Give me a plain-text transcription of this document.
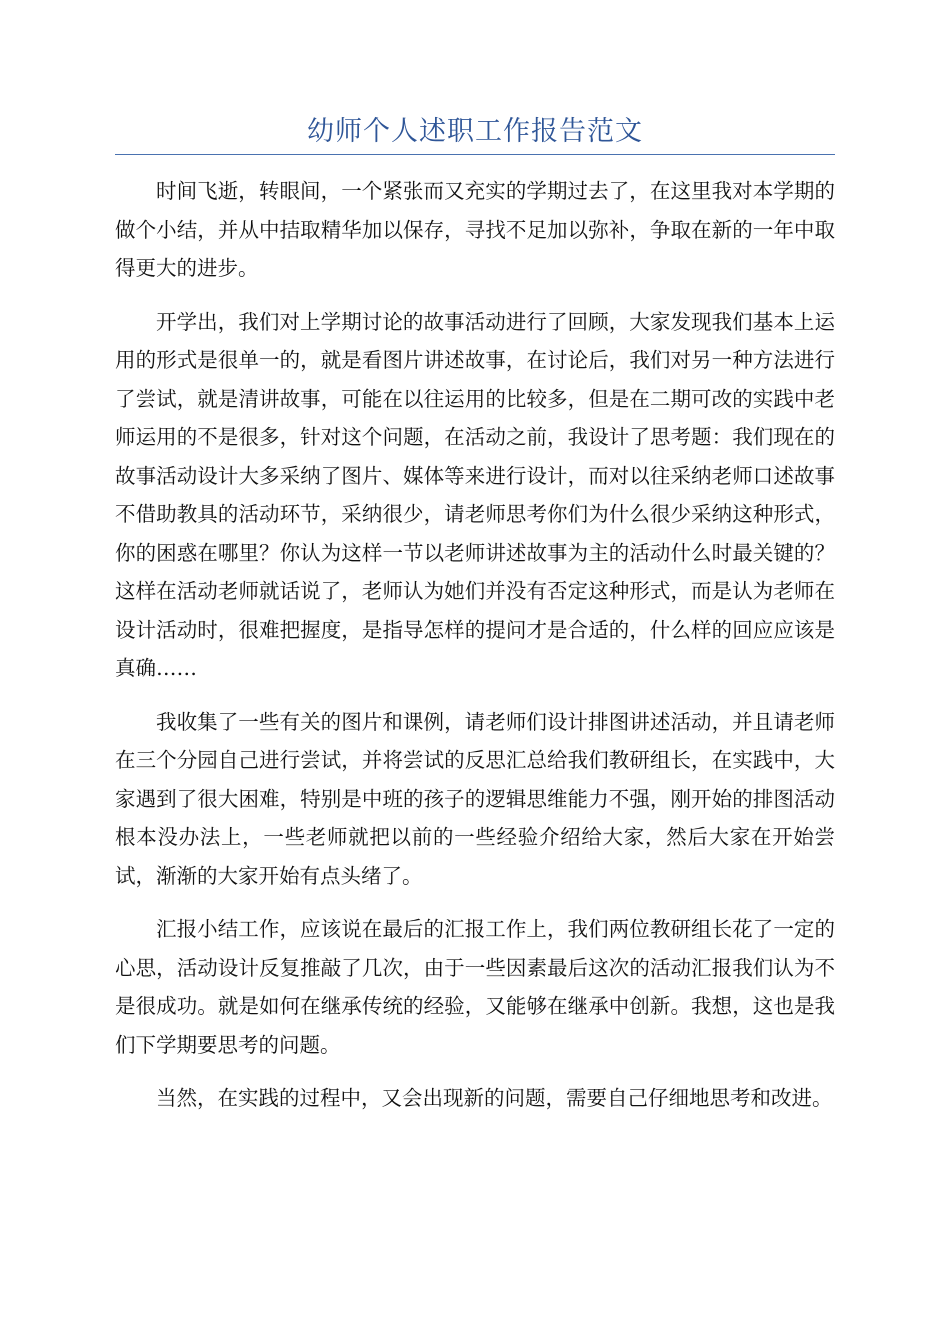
幼师个人述职工作报告范文

时间飞逝，转眼间，一个紧张而又充实的学期过去了，在这里我对本学期的做个小结，并从中拮取精华加以保存，寻找不足加以弥补，争取在新的一年中取得更大的进步。

开学出，我们对上学期讨论的故事活动进行了回顾，大家发现我们基本上运用的形式是很单一的，就是看图片讲述故事，在讨论后，我们对另一种方法进行了尝试，就是清讲故事，可能在以往运用的比较多，但是在二期可改的实践中老师运用的不是很多，针对这个问题，在活动之前，我设计了思考题：我们现在的故事活动设计大多采纳了图片、媒体等来进行设计，而对以往采纳老师口述故事不借助教具的活动环节，采纳很少，请老师思考你们为什么很少采纳这种形式，你的困惑在哪里？你认为这样一节以老师讲述故事为主的活动什么时最关键的？这样在活动老师就话说了，老师认为她们并没有否定这种形式，而是认为老师在设计活动时，很难把握度，是指导怎样的提问才是合适的，什么样的回应应该是真确……

我收集了一些有关的图片和课例，请老师们设计排图讲述活动，并且请老师在三个分园自己进行尝试，并将尝试的反思汇总给我们教研组长，在实践中，大家遇到了很大困难，特别是中班的孩子的逻辑思维能力不强，刚开始的排图活动根本没办法上，一些老师就把以前的一些经验介绍给大家，然后大家在开始尝试，渐渐的大家开始有点头绪了。

汇报小结工作，应该说在最后的汇报工作上，我们两位教研组长花了一定的心思，活动设计反复推敲了几次，由于一些因素最后这次的活动汇报我们认为不是很成功。就是如何在继承传统的经验，又能够在继承中创新。我想，这也是我们下学期要思考的问题。

当然，在实践的过程中，又会出现新的问题，需要自己仔细地思考和改进。
